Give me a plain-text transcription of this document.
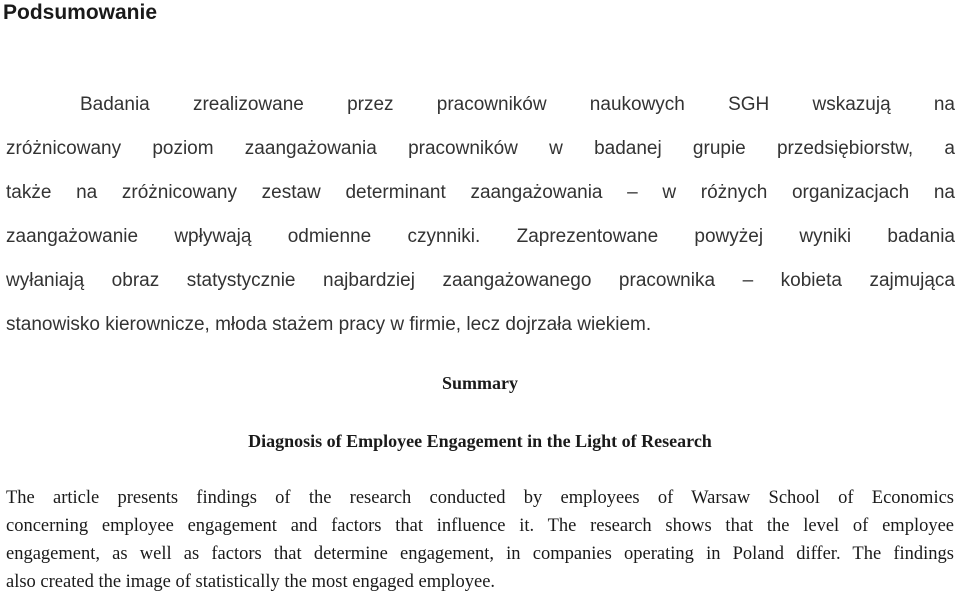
Podsumowanie

Badania zrealizowane przez pracowników naukowych SGH wskazują na
zróżnicowany poziom zaangażowania pracowników w badanej grupie przedsiębiorstw, a
także na zróżnicowany zestaw determinant zaangażowania – w różnych organizacjach na
zaangażowanie wpływają odmienne czynniki. Zaprezentowane powyżej wyniki badania
wyłaniają obraz statystycznie najbardziej zaangażowanego pracownika – kobieta zajmująca
stanowisko kierownicze, młoda stażem pracy w firmie, lecz dojrzała wiekiem.

Summary
Diagnosis of Employee Engagement in the Light of Research

The article presents findings of the research conducted by employees of Warsaw School of Economics
concerning employee engagement and factors that influence it. The research shows that the level of employee
engagement, as well as factors that determine engagement, in companies operating in Poland differ. The findings
also created the image of statistically the most engaged employee.
